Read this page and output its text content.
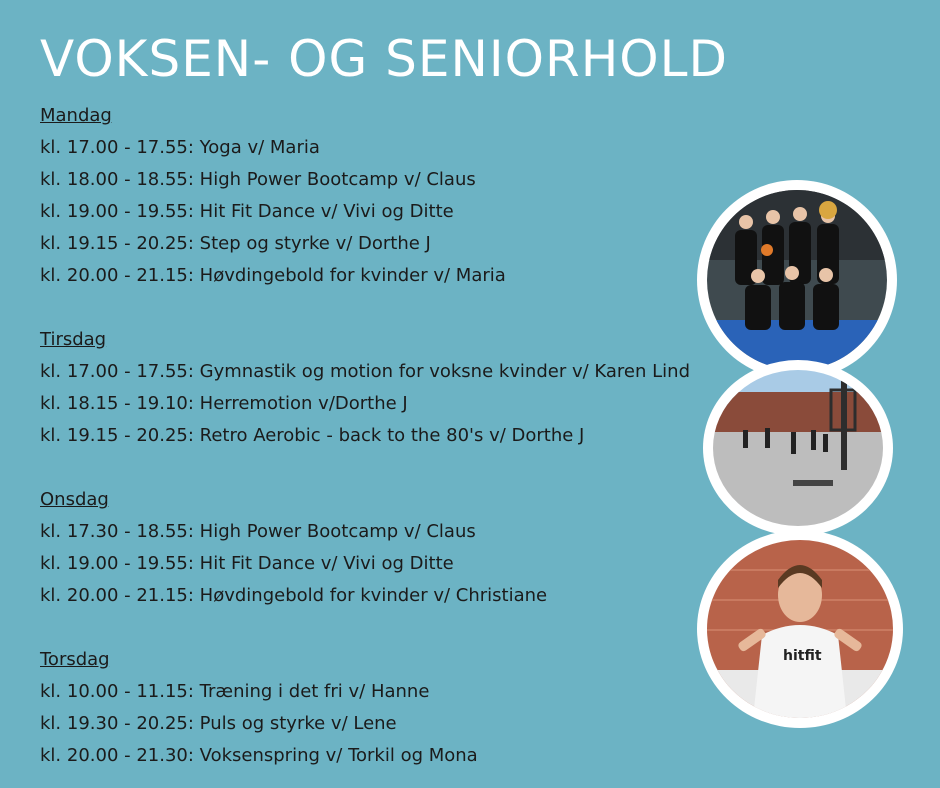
VOKSEN- OG SENIORHOLD
Mandag
kl. 17.00 - 17.55: Yoga v/ Maria
kl. 18.00 - 18.55: High Power Bootcamp v/ Claus
kl. 19.00 - 19.55: Hit Fit Dance v/ Vivi og Ditte
kl. 19.15 - 20.25: Step og styrke v/ Dorthe J
kl. 20.00 - 21.15: Høvdingebold for kvinder v/ Maria
Tirsdag
kl. 17.00 - 17.55: Gymnastik og motion for voksne kvinder v/ Karen Lind
kl. 18.15 - 19.10: Herremotion v/Dorthe J
kl. 19.15 - 20.25: Retro Aerobic - back to the 80's v/ Dorthe J
Onsdag
kl. 17.30 - 18.55: High Power Bootcamp v/ Claus
kl. 19.00 - 19.55: Hit Fit Dance v/ Vivi og Ditte
kl. 20.00 - 21.15: Høvdingebold for kvinder v/ Christiane
Torsdag
kl. 10.00 - 11.15: Træning i det fri v/ Hanne
kl. 19.30 - 20.25: Puls og styrke v/ Lene
kl. 20.00 - 21.30: Voksenspring v/ Torkil og Mona
hitfit
